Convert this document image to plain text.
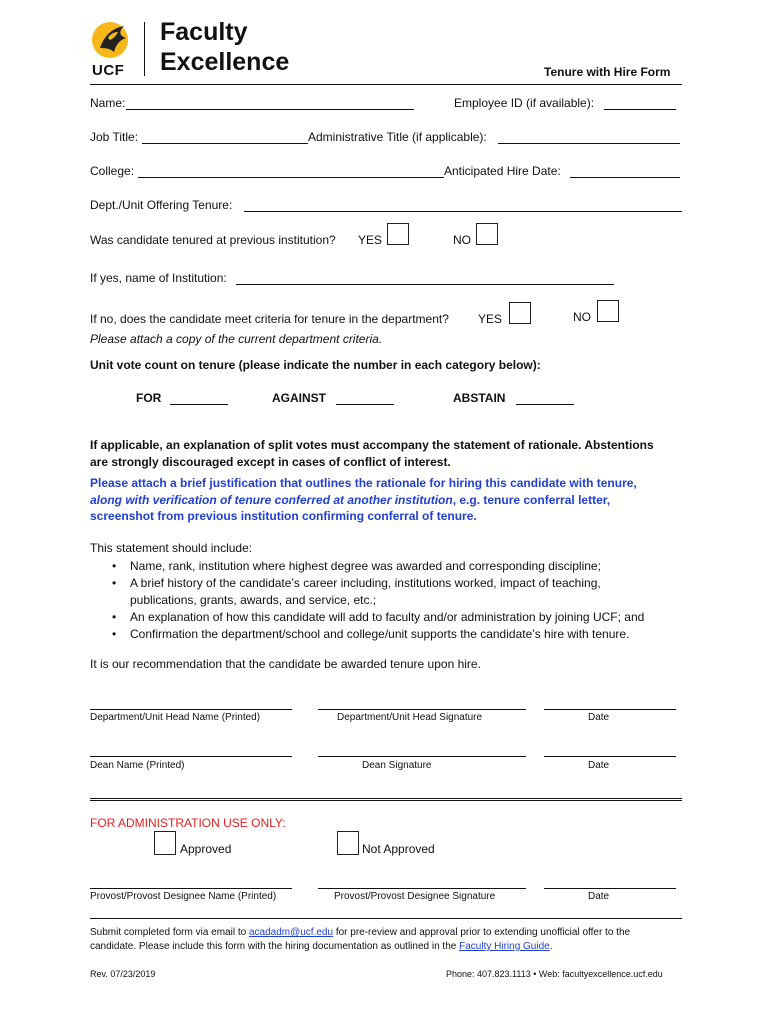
UCF
Faculty
Excellence	Tenure with Hire Form
Name:	Employee ID (if available):
Job Title:	Administrative Title (if applicable):
College:	Anticipated Hire Date:
Dept./Unit Offering Tenure:
Was candidate tenured at previous institution? YES	NO
If yes, name of Institution:
If no, does the candidate meet criteria for tenure in the department? YES	NO
Please attach a copy of the current department criteria.
Unit vote count on tenure (please indicate the number in each category below):
FOR	AGAINST	ABSTAIN
If applicable, an explanation of split votes must accompany the statement of rationale. Abstentions
are strongly discouraged except in cases of conflict of interest.
Please attach a brief justification that outlines the rationale for hiring this candidate with tenure,
along with verification of tenure conferred at another institution, e.g. tenure conferral letter,
screenshot from previous institution confirming conferral of tenure.
This statement should include:
• Name, rank, institution where highest degree was awarded and corresponding discipline;
• A brief history of the candidate’s career including, institutions worked, impact of teaching,
publications, grants, awards, and service, etc.;
• An explanation of how this candidate will add to faculty and/or administration by joining UCF; and
• Confirmation the department/school and college/unit supports the candidate’s hire with tenure.
It is our recommendation that the candidate be awarded tenure upon hire.
Department/Unit Head Name (Printed)	Department/Unit Head Signature	Date
Dean Name (Printed)	Dean Signature	Date
FOR ADMINISTRATION USE ONLY:
Approved	Not Approved
Provost/Provost Designee Name (Printed)	Provost/Provost Designee Signature	Date
Submit completed form via email to acadadm@ucf.edu for pre-review and approval prior to extending unofficial offer to the
candidate. Please include this form with the hiring documentation as outlined in the Faculty Hiring Guide.
Rev. 07/23/2019	Phone: 407.823.1113 • Web: facultyexcellence.ucf.edu
